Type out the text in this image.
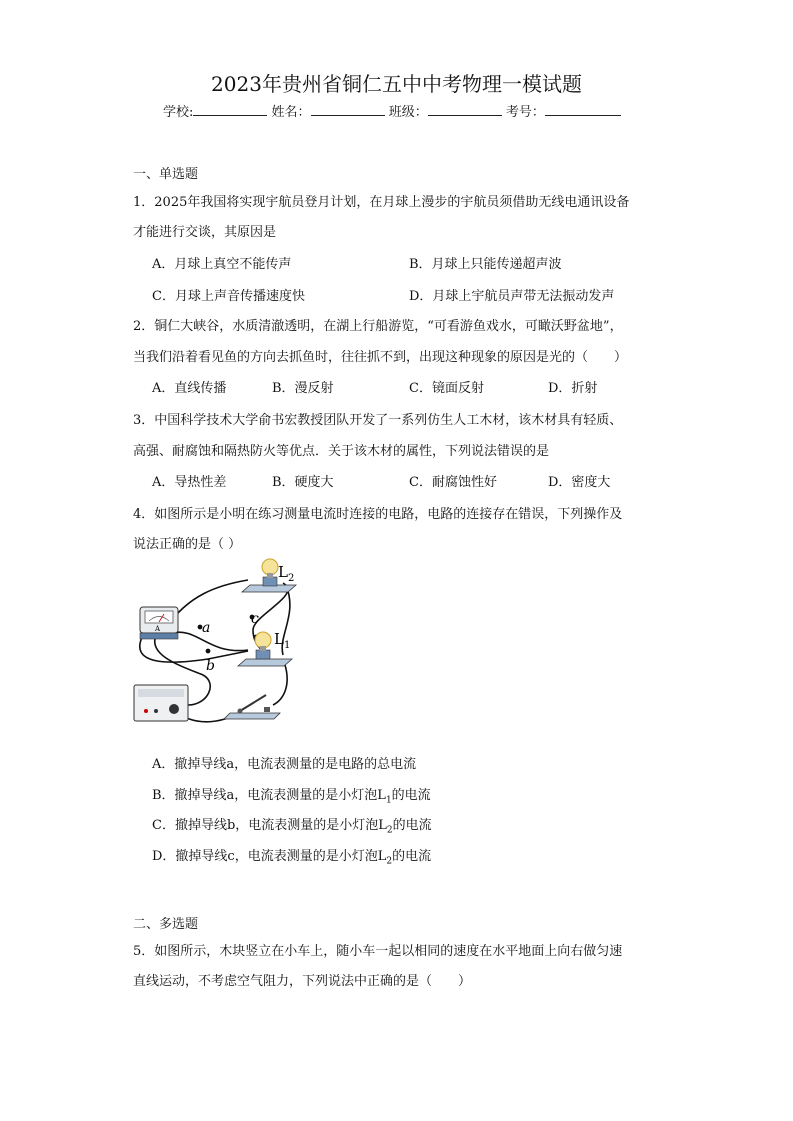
2023年贵州省铜仁五中中考物理一模试题
学校:	姓名：	班级：	考号：
一、单选题
1．2025年我国将实现宇航员登月计划，在月球上漫步的宇航员须借助无线电通讯设备
才能进行交谈，其原因是
A．月球上真空不能传声	B．月球上只能传递超声波
C．月球上声音传播速度快	D．月球上宇航员声带无法振动发声
2．铜仁大峡谷，水质清澈透明，在湖上行船游览，“可看游鱼戏水，可瞰沃野盆地”，
当我们沿着看见鱼的方向去抓鱼时，往往抓不到，出现这种现象的原因是光的（　　）
A．直线传播	B．漫反射	C．镜面反射	D．折射
3．中国科学技术大学俞书宏教授团队开发了一系列仿生人工木材，该木材具有轻质、
高强、耐腐蚀和隔热防火等优点．关于该木材的属性，下列说法错误的是
A．导热性差	B．硬度大	C．耐腐蚀性好	D．密度大
4．如图所示是小明在练习测量电流时连接的电路，电路的连接存在错误，下列操作及
说法正确的是（ ）
A
$L_2$
$L_1$
a
b
c
A．撤掉导线a，电流表测量的是电路的总电流
B．撤掉导线a，电流表测量的是小灯泡$L_1$的电流
C．撤掉导线b，电流表测量的是小灯泡$L_2$的电流
D．撤掉导线c，电流表测量的是小灯泡$L_2$的电流
二、多选题
5．如图所示，木块竖立在小车上，随小车一起以相同的速度在水平地面上向右做匀速
直线运动，不考虑空气阻力，下列说法中正确的是（　　）
